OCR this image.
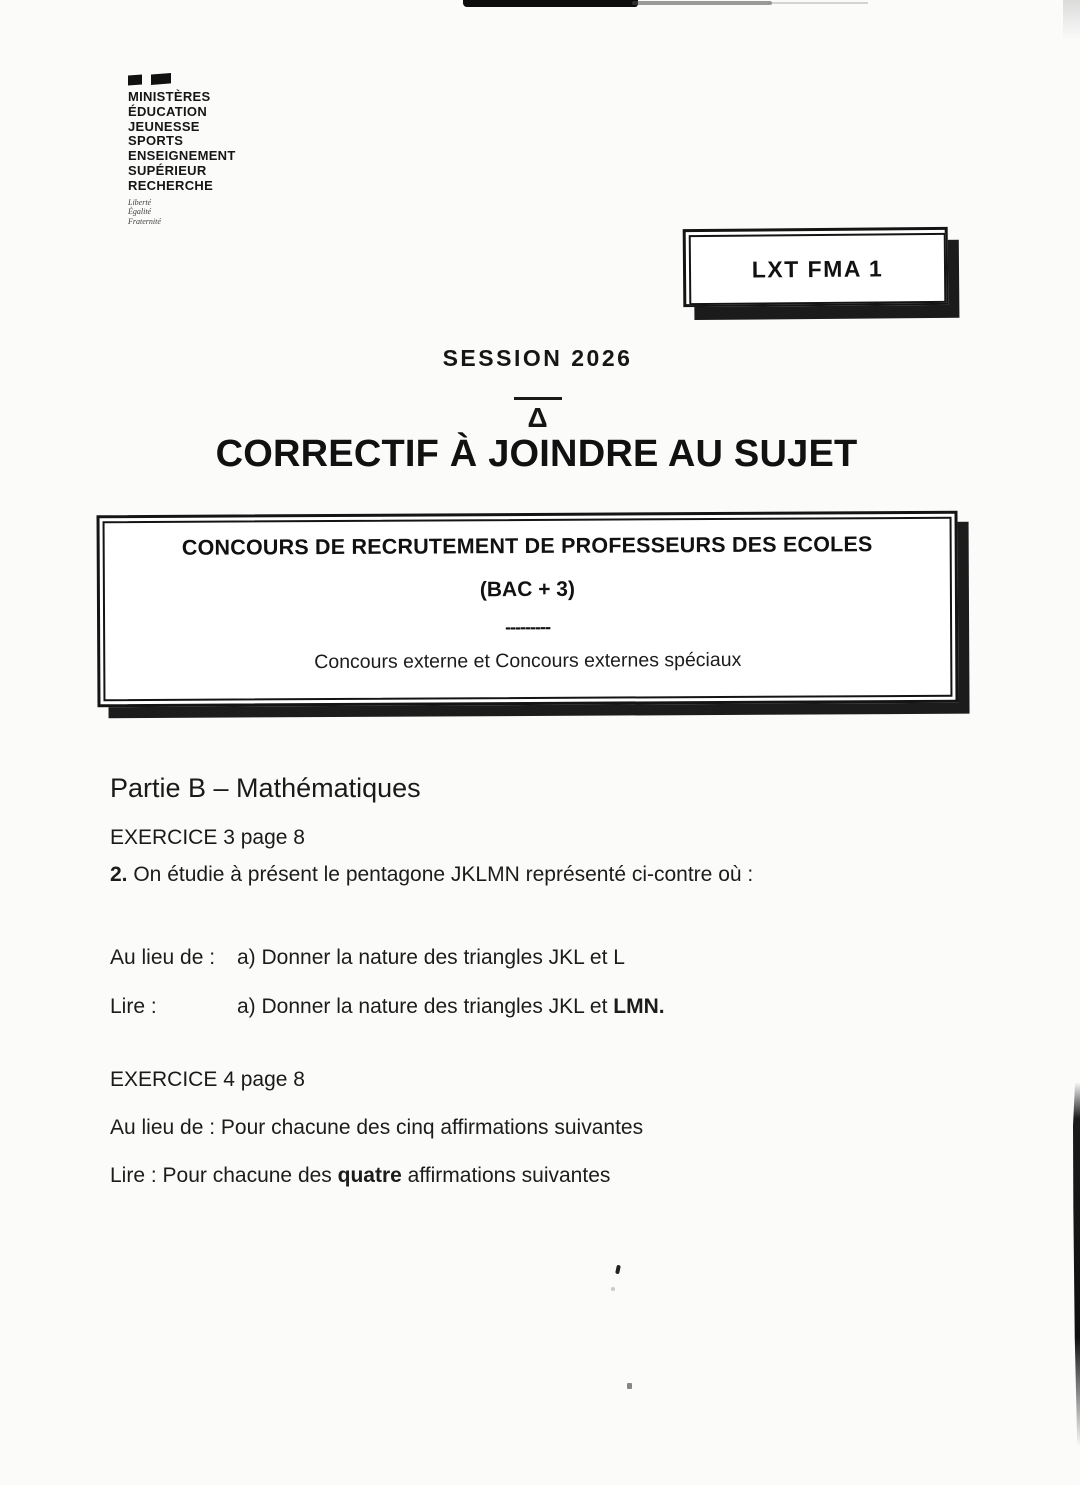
MINISTÈRES
ÉDUCATION
JEUNESSE
SPORTS
ENSEIGNEMENT
SUPÉRIEUR
RECHERCHE
Liberté
Égalité
Fraternité
LXT FMA 1
SESSION 2026
Δ
CORRECTIF À JOINDRE AU SUJET
CONCOURS DE RECRUTEMENT DE PROFESSEURS DES ECOLES
(BAC + 3)
---------
Concours externe et Concours externes spéciaux
Partie B – Mathématiques
EXERCICE 3 page 8
2. On étudie à présent le pentagone JKLMN représenté ci-contre où :
Au lieu de :	a) Donner la nature des triangles JKL et L
Lire :	a) Donner la nature des triangles JKL et LMN.
EXERCICE 4 page 8
Au lieu de : Pour chacune des cinq affirmations suivantes
Lire : Pour chacune des quatre affirmations suivantes
